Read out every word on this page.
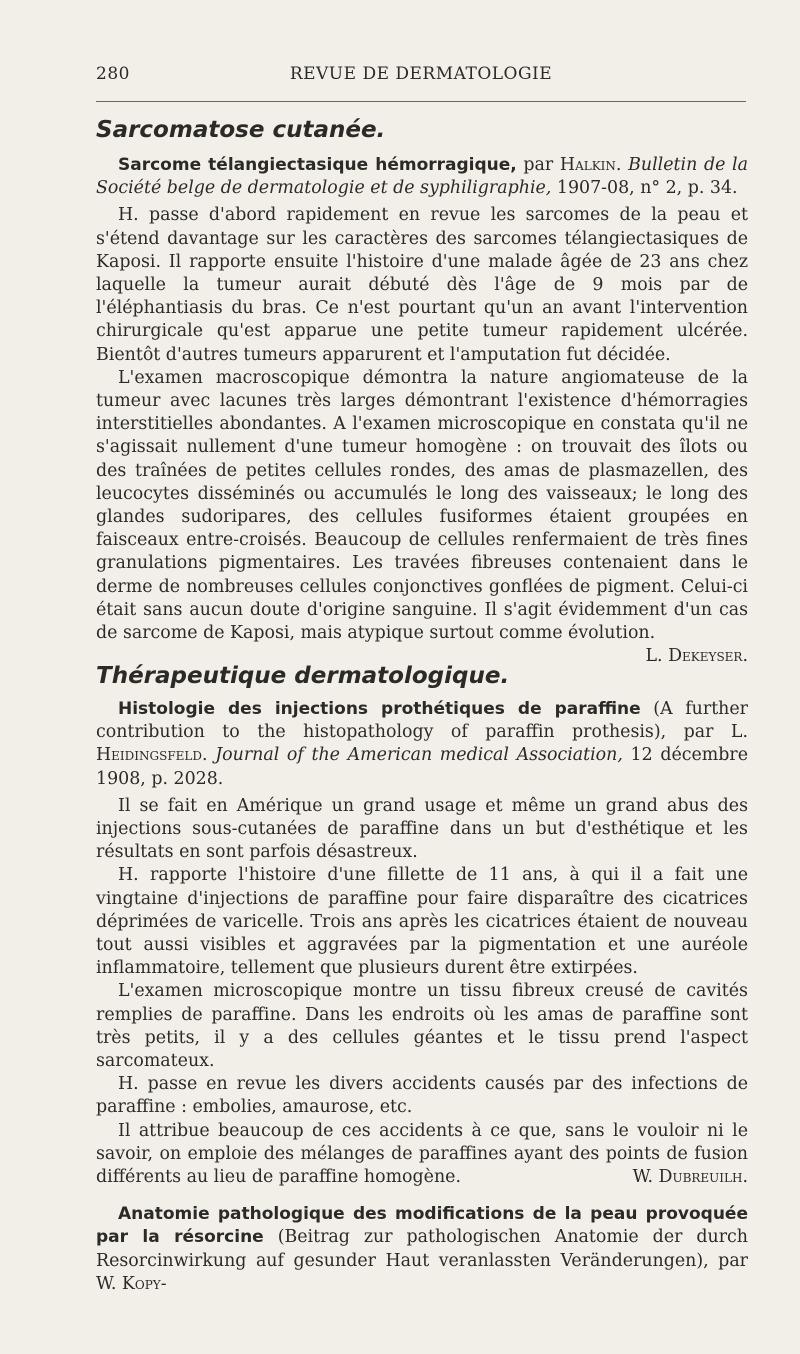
280	REVUE DE DERMATOLOGIE
Sarcomatose cutanée.

Sarcome télangiectasique hémorragique, par Halkin. Bulletin de la Société belge de dermatologie et de syphiligraphie, 1907-08, n° 2, p. 34.

H. passe d'abord rapidement en revue les sarcomes de la peau et s'étend davantage sur les caractères des sarcomes télangiectasiques de Kaposi. Il rapporte ensuite l'histoire d'une malade âgée de 23 ans chez laquelle la tumeur aurait débuté dès l'âge de 9 mois par de l'éléphantiasis du bras. Ce n'est pourtant qu'un an avant l'intervention chirurgicale qu'est apparue une petite tumeur rapidement ulcérée. Bientôt d'autres tumeurs apparurent et l'amputation fut décidée.

L'examen macroscopique démontra la nature angiomateuse de la tumeur avec lacunes très larges démontrant l'existence d'hémorragies interstitielles abondantes. A l'examen microscopique en constata qu'il ne s'agissait nullement d'une tumeur homogène : on trouvait des îlots ou des traînées de petites cellules rondes, des amas de plasmazellen, des leucocytes disséminés ou accumulés le long des vaisseaux; le long des glandes sudoripares, des cellules fusiformes étaient groupées en faisceaux entre-croisés. Beaucoup de cellules renfermaient de très fines granulations pigmentaires. Les travées fibreuses contenaient dans le derme de nombreuses cellules conjonctives gonflées de pigment. Celui-ci était sans aucun doute d'origine sanguine. Il s'agit évidemment d'un cas de sarcome de Kaposi, mais atypique surtout comme évolution.
L. Dekeyser.

Thérapeutique dermatologique.

Histologie des injections prothétiques de paraffine (A further contribution to the histopathology of paraffin prothesis), par L. Heidingsfeld. Journal of the American medical Association, 12 décembre 1908, p. 2028.

Il se fait en Amérique un grand usage et même un grand abus des injections sous-cutanées de paraffine dans un but d'esthétique et les résultats en sont parfois désastreux.

H. rapporte l'histoire d'une fillette de 11 ans, à qui il a fait une vingtaine d'injections de paraffine pour faire disparaître des cicatrices déprimées de varicelle. Trois ans après les cicatrices étaient de nouveau tout aussi visibles et aggravées par la pigmentation et une auréole inflammatoire, tellement que plusieurs durent être extirpées.

L'examen microscopique montre un tissu fibreux creusé de cavités remplies de paraffine. Dans les endroits où les amas de paraffine sont très petits, il y a des cellules géantes et le tissu prend l'aspect sarcomateux.

H. passe en revue les divers accidents causés par des infections de paraffine : embolies, amaurose, etc.

Il attribue beaucoup de ces accidents à ce que, sans le vouloir ni le savoir, on emploie des mélanges de paraffines ayant des points de fusion différents au lieu de paraffine homogène.	W. Dubreuilh.

Anatomie pathologique des modifications de la peau provoquée par la résorcine (Beitrag zur pathologischen Anatomie der durch Resorcinwirkung auf gesunder Haut veranlassten Veränderungen), par W. Kopy-
